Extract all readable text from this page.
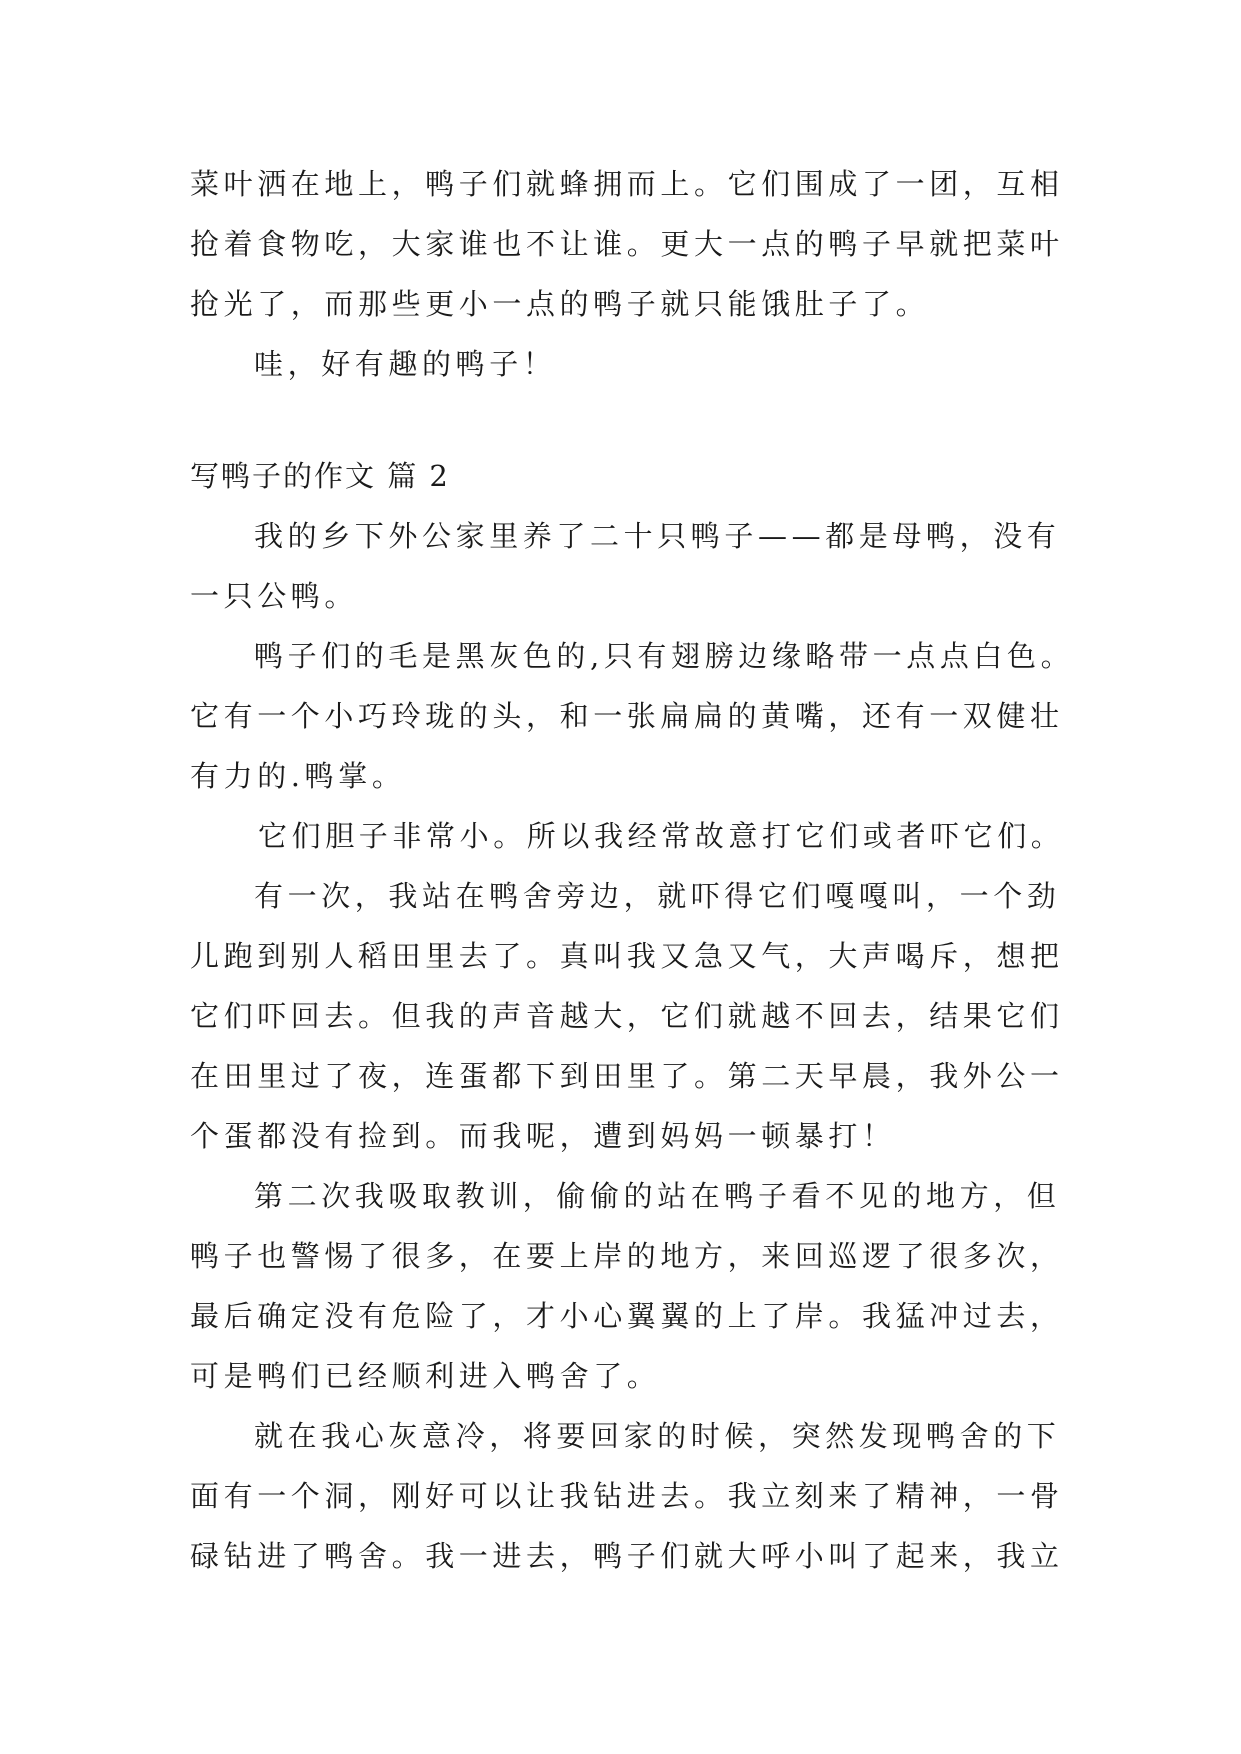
菜叶洒在地上，鸭子们就蜂拥而上。它们围成了一团，互相
抢着食物吃，大家谁也不让谁。更大一点的鸭子早就把菜叶
抢光了，而那些更小一点的鸭子就只能饿肚子了。
哇，好有趣的鸭子！
写鸭子的作文 篇 2
我的乡下外公家里养了二十只鸭子——都是母鸭，没有
一只公鸭。
鸭子们的毛是黑灰色的,只有翅膀边缘略带一点点白色。
它有一个小巧玲珑的头，和一张扁扁的黄嘴，还有一双健壮
有力的.鸭掌。
它们胆子非常小。所以我经常故意打它们或者吓它们。
有一次，我站在鸭舍旁边，就吓得它们嘎嘎叫，一个劲
儿跑到别人稻田里去了。真叫我又急又气，大声喝斥，想把
它们吓回去。但我的声音越大，它们就越不回去，结果它们
在田里过了夜，连蛋都下到田里了。第二天早晨，我外公一
个蛋都没有捡到。而我呢，遭到妈妈一顿暴打！
第二次我吸取教训，偷偷的站在鸭子看不见的地方，但
鸭子也警惕了很多，在要上岸的地方，来回巡逻了很多次，
最后确定没有危险了，才小心翼翼的上了岸。我猛冲过去，
可是鸭们已经顺利进入鸭舍了。
就在我心灰意冷，将要回家的时候，突然发现鸭舍的下
面有一个洞，刚好可以让我钻进去。我立刻来了精神，一骨
碌钻进了鸭舍。我一进去，鸭子们就大呼小叫了起来，我立
